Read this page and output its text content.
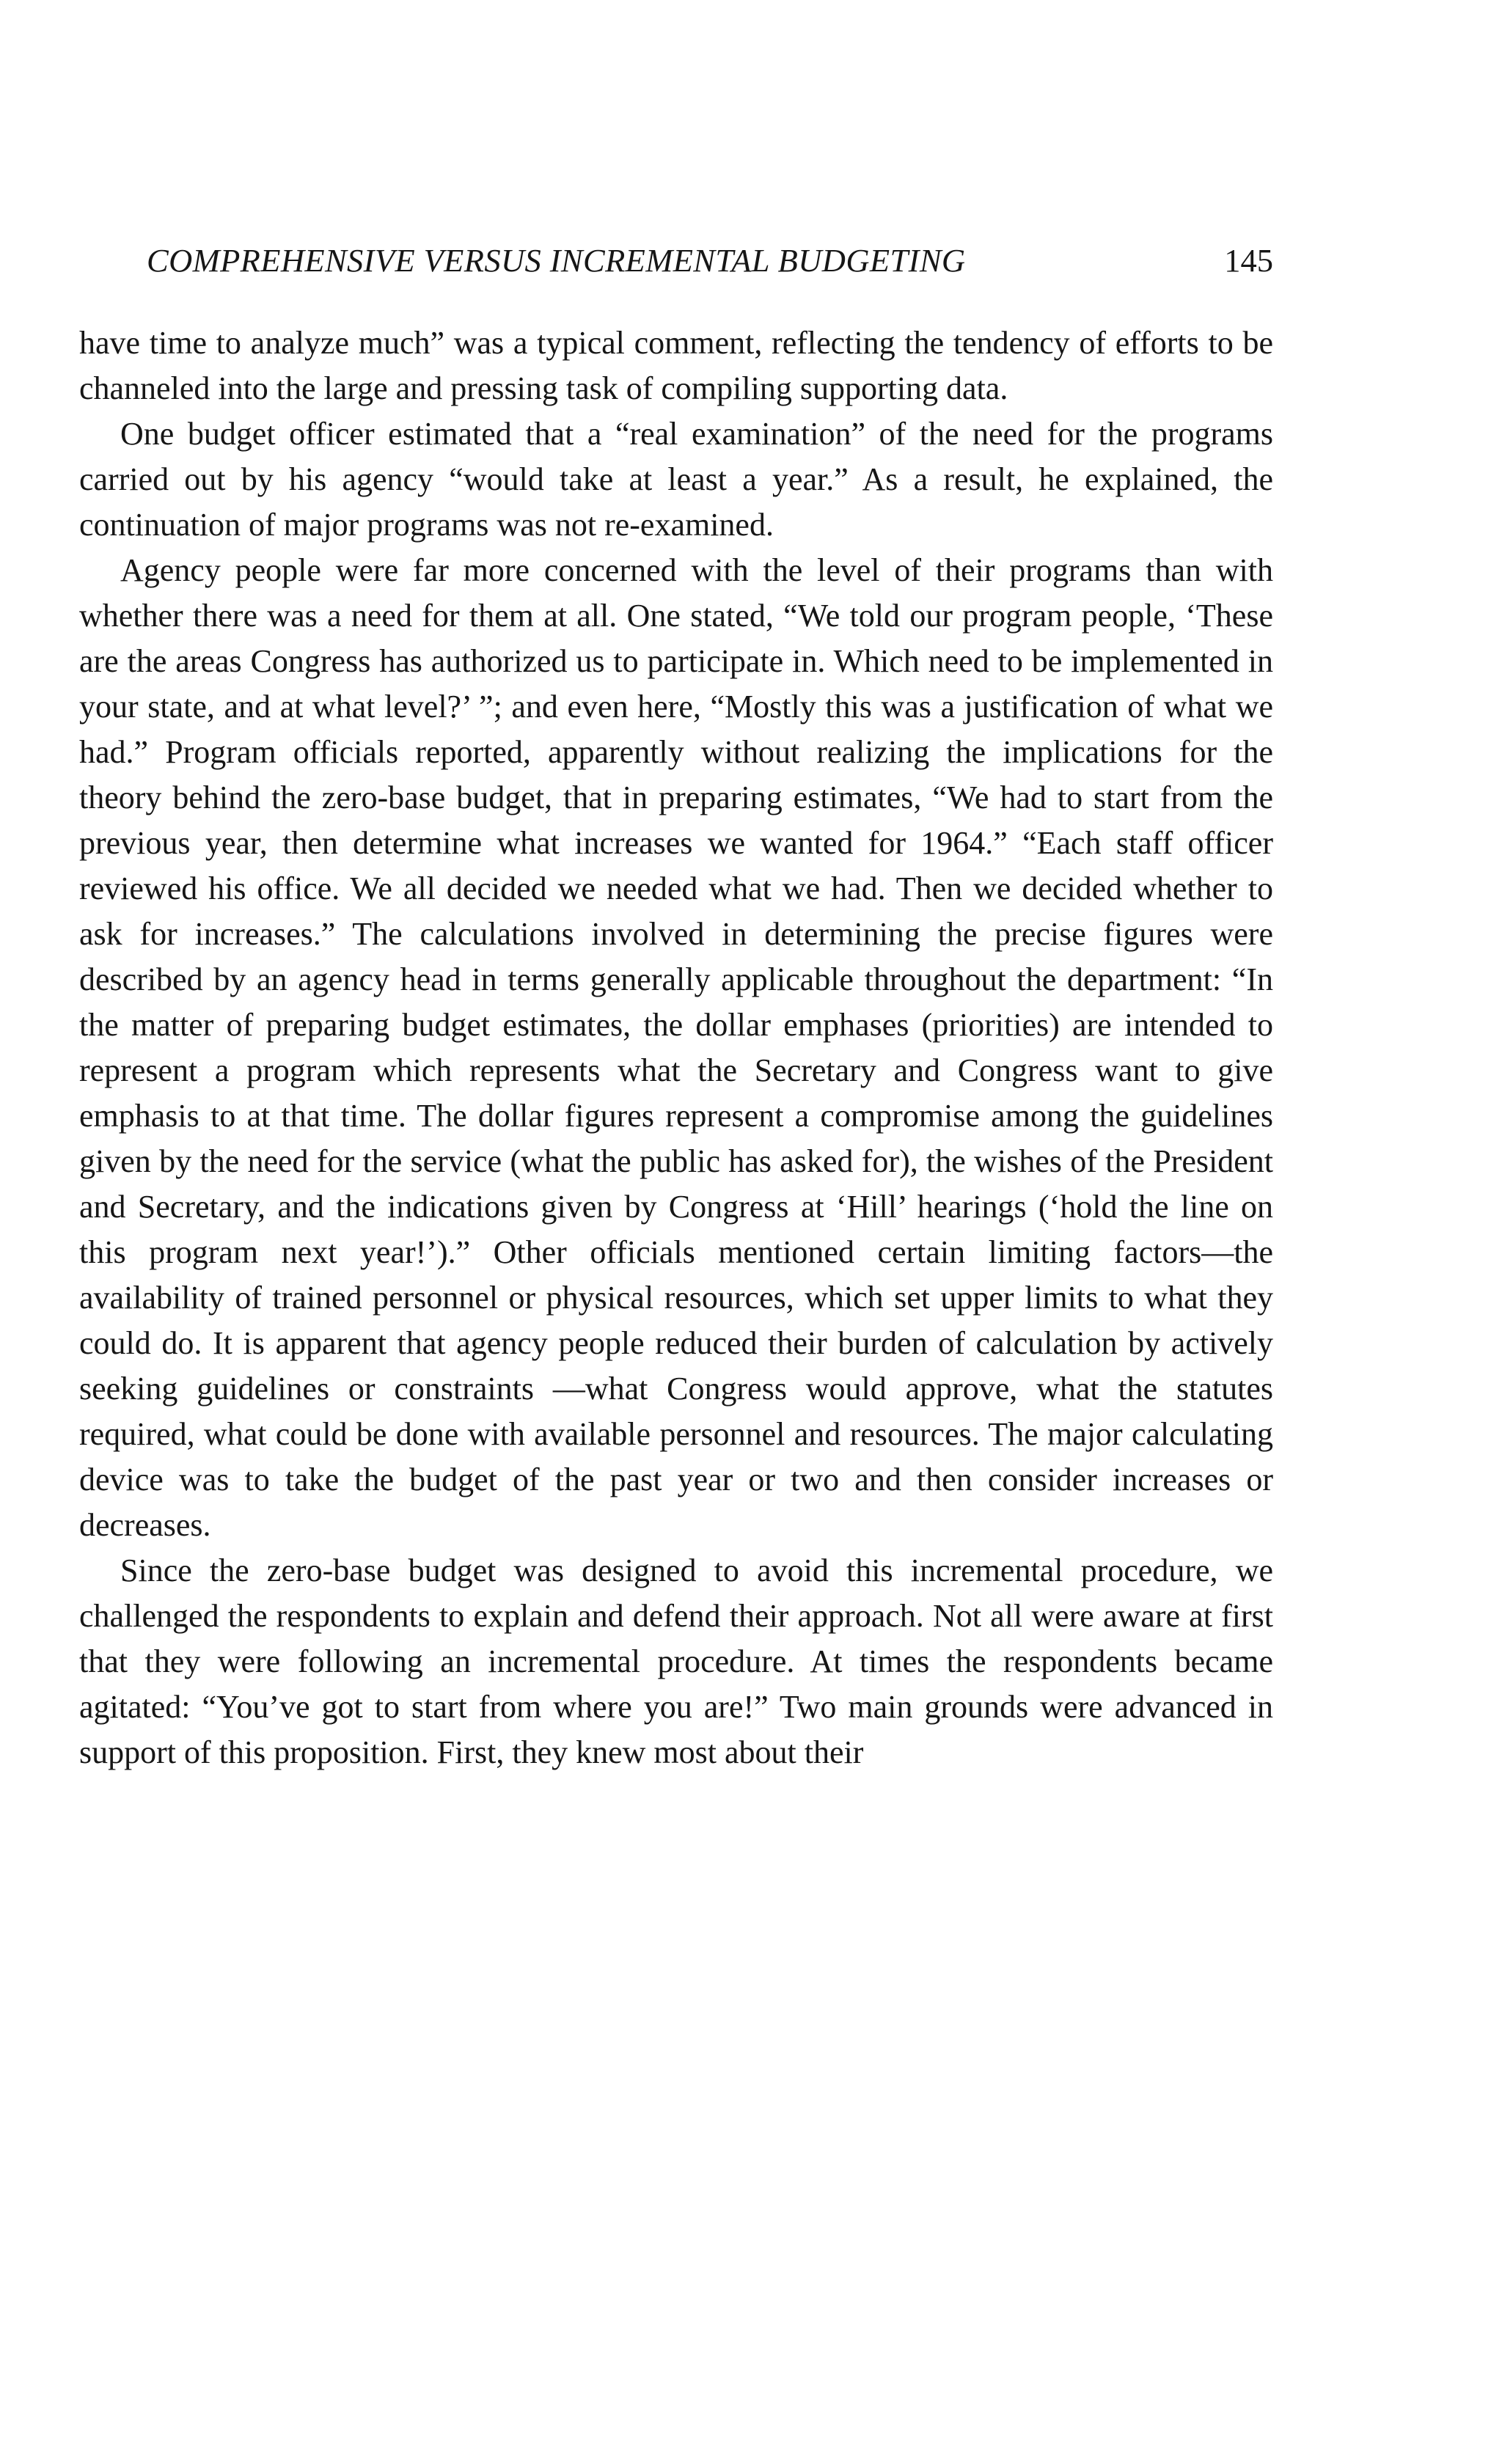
COMPREHENSIVE VERSUS INCREMENTAL BUDGETING	145

have time to analyze much” was a typical comment, reflecting the tendency of efforts to be channeled into the large and pressing task of compiling supporting data.

One budget officer estimated that a “real examination” of the need for the programs carried out by his agency “would take at least a year.” As a result, he explained, the continuation of major programs was not re-examined.

Agency people were far more concerned with the level of their programs than with whether there was a need for them at all. One stated, “We told our program people, ‘These are the areas Congress has authorized us to participate in. Which need to be implemented in your state, and at what level?’ ”; and even here, “Mostly this was a justification of what we had.” Program officials reported, apparently without realizing the implications for the theory behind the zero-base budget, that in preparing estimates, “We had to start from the previous year, then determine what increases we wanted for 1964.” “Each staff officer reviewed his office. We all decided we needed what we had. Then we decided whether to ask for increases.” The calculations involved in determining the precise figures were described by an agency head in terms generally applicable throughout the department: “In the matter of preparing budget estimates, the dollar emphases (priorities) are intended to represent a program which represents what the Secretary and Congress want to give emphasis to at that time. The dollar figures represent a compromise among the guidelines given by the need for the service (what the public has asked for), the wishes of the President and Secretary, and the indications given by Congress at ‘Hill’ hearings (‘hold the line on this program next year!’).” Other officials mentioned certain limiting factors—the availability of trained personnel or physical resources, which set upper limits to what they could do. It is apparent that agency people reduced their burden of calculation by actively seeking guidelines or constraints —what Congress would approve, what the statutes required, what could be done with available personnel and resources. The major calculating device was to take the budget of the past year or two and then consider increases or decreases.

Since the zero-base budget was designed to avoid this incremental procedure, we challenged the respondents to explain and defend their approach. Not all were aware at first that they were following an incremental procedure. At times the respondents became agitated: “You’ve got to start from where you are!” Two main grounds were advanced in support of this proposition. First, they knew most about their
